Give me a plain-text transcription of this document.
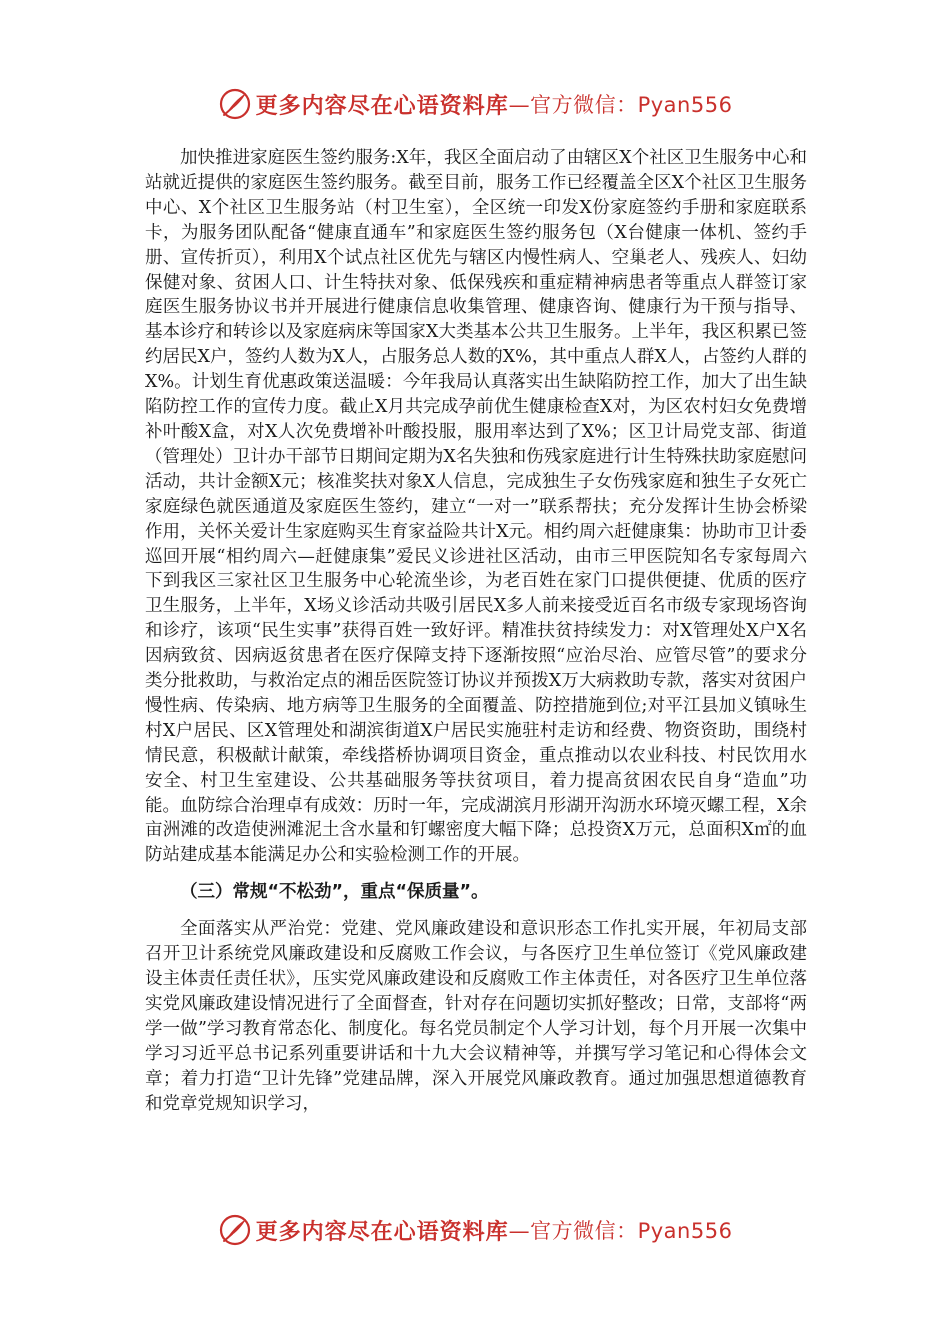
更多内容尽在心语资料库 —官方微信：Pyan556

加快推进家庭医生签约服务:X年，我区全面启动了由辖区X个社区卫生服务中心和站就近提供的家庭医生签约服务。截至目前，服务工作已经覆盖全区X个社区卫生服务中心、X个社区卫生服务站（村卫生室），全区统一印发X份家庭签约手册和家庭联系卡，为服务团队配备“健康直通车”和家庭医生签约服务包（X台健康一体机、签约手册、宣传折页），利用X个试点社区优先与辖区内慢性病人、空巢老人、残疾人、妇幼保健对象、贫困人口、计生特扶对象、低保残疾和重症精神病患者等重点人群签订家庭医生服务协议书并开展进行健康信息收集管理、健康咨询、健康行为干预与指导、基本诊疗和转诊以及家庭病床等国家X大类基本公共卫生服务。上半年，我区积累已签约居民X户，签约人数为X人，占服务总人数的X%，其中重点人群X人，占签约人群的X%。计划生育优惠政策送温暖：今年我局认真落实出生缺陷防控工作，加大了出生缺陷防控工作的宣传力度。截止X月共完成孕前优生健康检查X对，为区农村妇女免费增补叶酸X盒，对X人次免费增补叶酸投服，服用率达到了X%；区卫计局党支部、街道（管理处）卫计办干部节日期间定期为X名失独和伤残家庭进行计生特殊扶助家庭慰问活动，共计金额X元；核准奖扶对象X人信息，完成独生子女伤残家庭和独生子女死亡家庭绿色就医通道及家庭医生签约，建立“一对一”联系帮扶；充分发挥计生协会桥梁作用，关怀关爱计生家庭购买生育家益险共计X元。相约周六赶健康集：协助市卫计委巡回开展“相约周六—赶健康集”爱民义诊进社区活动，由市三甲医院知名专家每周六下到我区三家社区卫生服务中心轮流坐诊，为老百姓在家门口提供便捷、优质的医疗卫生服务，上半年，X场义诊活动共吸引居民X多人前来接受近百名市级专家现场咨询和诊疗，该项“民生实事”获得百姓一致好评。精准扶贫持续发力：对X管理处X户X名因病致贫、因病返贫患者在医疗保障支持下逐渐按照“应治尽治、应管尽管”的要求分类分批救助，与救治定点的湘岳医院签订协议并预拨X万大病救助专款，落实对贫困户慢性病、传染病、地方病等卫生服务的全面覆盖、防控措施到位;对平江县加义镇咏生村X户居民、区X管理处和湖滨街道X户居民实施驻村走访和经费、物资资助，围绕村情民意，积极献计献策，牵线搭桥协调项目资金，重点推动以农业科技、村民饮用水安全、村卫生室建设、公共基础服务等扶贫项目，着力提高贫困农民自身“造血”功能。血防综合治理卓有成效：历时一年，完成湖滨月形湖开沟沥水环境灭螺工程，X余亩洲滩的改造使洲滩泥土含水量和钉螺密度大幅下降；总投资X万元，总面积X㎡的血防站建成基本能满足办公和实验检测工作的开展。

（三）常规“不松劲”，重点“保质量”。

全面落实从严治党：党建、党风廉政建设和意识形态工作扎实开展，年初局支部召开卫计系统党风廉政建设和反腐败工作会议，与各医疗卫生单位签订《党风廉政建设主体责任责任状》，压实党风廉政建设和反腐败工作主体责任，对各医疗卫生单位落实党风廉政建设情况进行了全面督查，针对存在问题切实抓好整改；日常，支部将“两学一做”学习教育常态化、制度化。每名党员制定个人学习计划，每个月开展一次集中学习习近平总书记系列重要讲话和十九大会议精神等，并撰写学习笔记和心得体会文章；着力打造“卫计先锋”党建品牌，深入开展党风廉政教育。通过加强思想道德教育和党章党规知识学习，

更多内容尽在心语资料库 —官方微信：Pyan556
